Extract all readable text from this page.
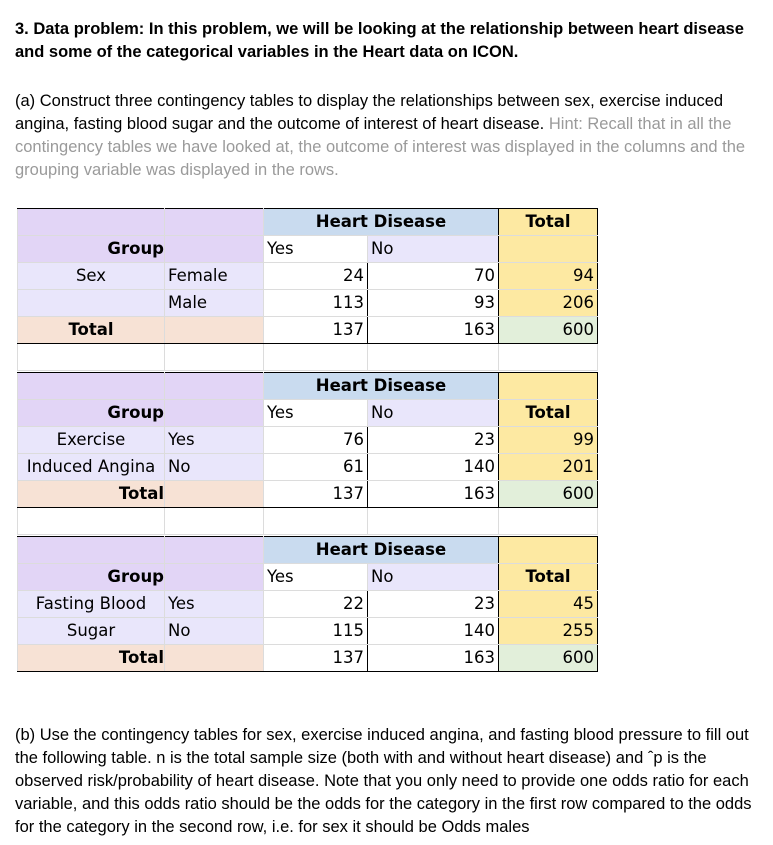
3. Data problem: In this problem, we will be looking at the relationship between heart disease and some of the categorical variables in the Heart data on ICON.
(a) Construct three contingency tables to display the relationships between sex, exercise induced angina, fasting blood sugar and the outcome of interest of heart disease. Hint: Recall that in all the contingency tables we have looked at, the outcome of interest was displayed in the columns and the grouping variable was displayed in the rows.
		Heart Disease		Total
Group		Yes	No	
Sex	Female	24	70	94
	Male	113	93	206
Total		137	163	600

		Heart Disease		
Group		Yes	No	Total
Exercise	Yes	76	23	99
Induced Angina	No	61	140	201
Total		137	163	600

		Heart Disease		
Group		Yes	No	Total
Fasting Blood	Yes	22	23	45
Sugar	No	115	140	255
Total		137	163	600
(b) Use the contingency tables for sex, exercise induced angina, and fasting blood pressure to fill out the following table. n is the total sample size (both with and without heart disease) and ˆp is the observed risk/probability of heart disease. Note that you only need to provide one odds ratio for each variable, and this odds ratio should be the odds for the category in the first row compared to the odds for the category in the second row, i.e. for sex it should be Odds males
